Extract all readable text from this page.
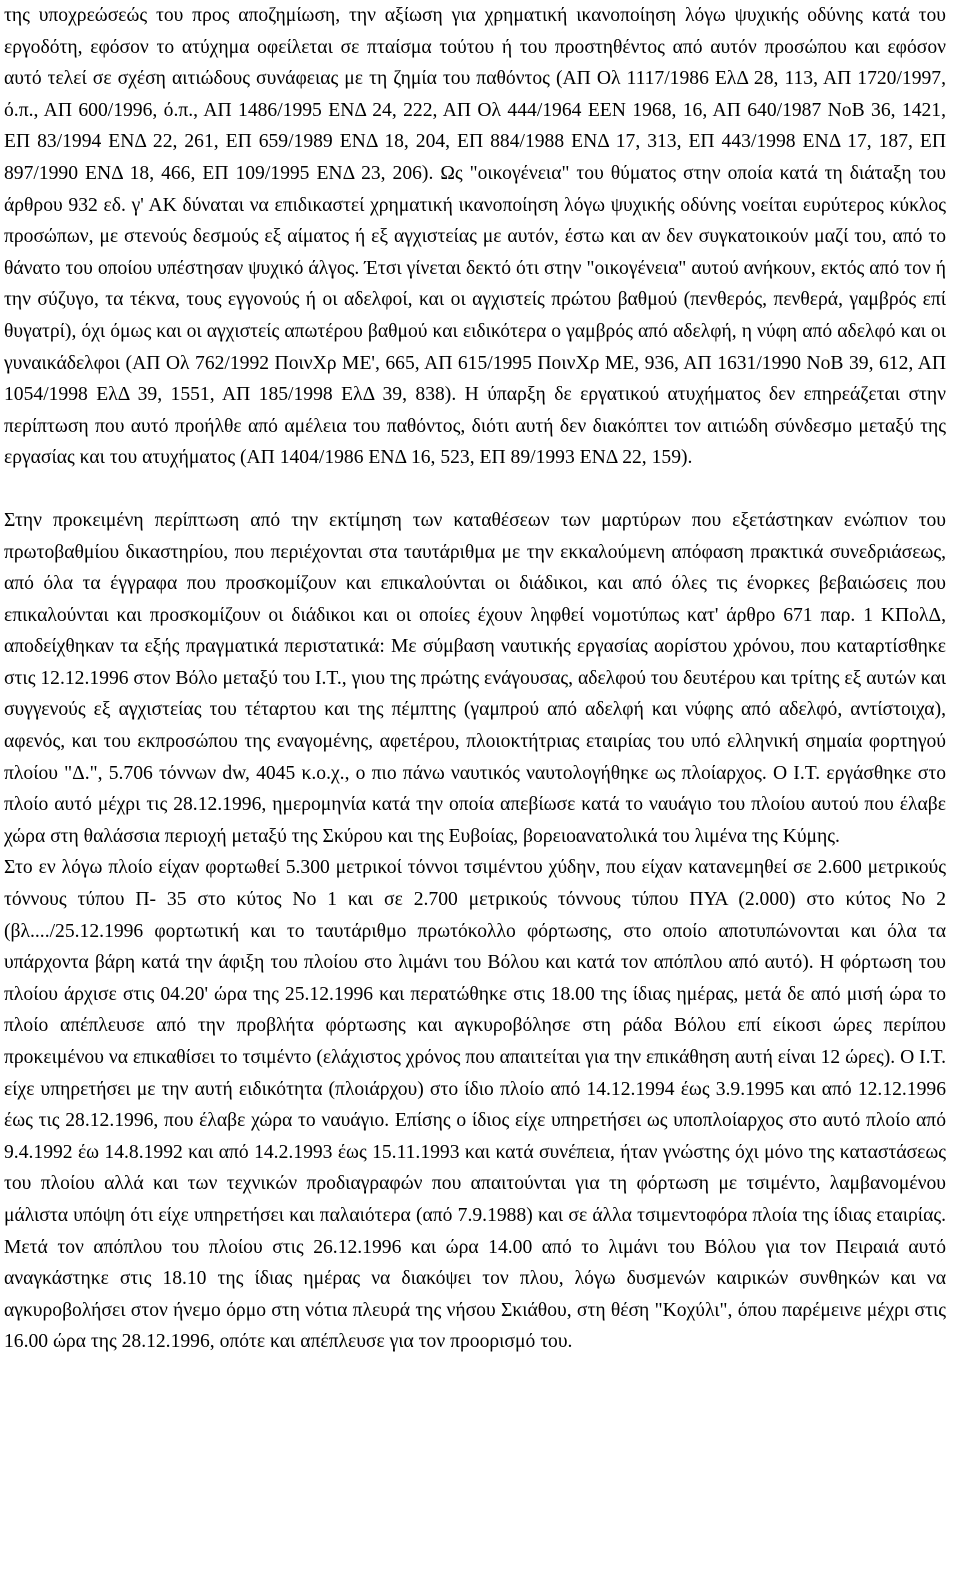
της υποχρεώσεώς του προς αποζημίωση, την αξίωση για χρηματική ικανοποίηση λόγω ψυχικής οδύνης κατά του εργοδότη, εφόσον το ατύχημα οφείλεται σε πταίσμα τούτου ή του προστηθέντος από αυτόν προσώπου και εφόσον αυτό τελεί σε σχέση αιτιώδους συνάφειας με τη ζημία του παθόντος (ΑΠ Ολ 1117/1986 ΕλΔ 28, 113, ΑΠ 1720/1997, ό.π., ΑΠ 600/1996, ό.π., ΑΠ 1486/1995 ΕΝΔ 24, 222, ΑΠ Ολ 444/1964 ΕΕΝ 1968, 16, ΑΠ 640/1987 ΝοΒ 36, 1421, ΕΠ 83/1994 ΕΝΔ 22, 261, ΕΠ 659/1989 ΕΝΔ 18, 204, ΕΠ 884/1988 ΕΝΔ 17, 313, ΕΠ 443/1998 ΕΝΔ 17, 187, ΕΠ 897/1990 ΕΝΔ 18, 466, ΕΠ 109/1995 ΕΝΔ 23, 206). Ως "οικογένεια" του θύματος στην οποία κατά τη διάταξη του άρθρου 932 εδ. γ' ΑΚ δύναται να επιδικαστεί χρηματική ικανοποίηση λόγω ψυχικής οδύνης νοείται ευρύτερος κύκλος προσώπων, με στενούς δεσμούς εξ αίματος ή εξ αγχιστείας με αυτόν, έστω και αν δεν συγκατοικούν μαζί του, από το θάνατο του οποίου υπέστησαν ψυχικό άλγος. Έτσι γίνεται δεκτό ότι στην "οικογένεια" αυτού ανήκουν, εκτός από τον ή την σύζυγο, τα τέκνα, τους εγγονούς ή οι αδελφοί, και οι αγχιστείς πρώτου βαθμού (πενθερός, πενθερά, γαμβρός επί θυγατρί), όχι όμως και οι αγχιστείς απωτέρου βαθμού και ειδικότερα ο γαμβρός από αδελφή, η νύφη από αδελφό και οι γυναικάδελφοι (ΑΠ Ολ 762/1992 ΠοινΧρ ΜΕ', 665, ΑΠ 615/1995 ΠοινΧρ ΜΕ, 936, ΑΠ 1631/1990 ΝοΒ 39, 612, ΑΠ 1054/1998 ΕλΔ 39, 1551, ΑΠ 185/1998 ΕλΔ 39, 838). Η ύπαρξη δε εργατικού ατυχήματος δεν επηρεάζεται στην περίπτωση που αυτό προήλθε από αμέλεια του παθόντος, διότι αυτή δεν διακόπτει τον αιτιώδη σύνδεσμο μεταξύ της εργασίας και του ατυχήματος (ΑΠ 1404/1986 ΕΝΔ 16, 523, ΕΠ 89/1993 ΕΝΔ 22, 159).

Στην προκειμένη περίπτωση από την εκτίμηση των καταθέσεων των μαρτύρων που εξετάστηκαν ενώπιον του πρωτοβαθμίου δικαστηρίου, που περιέχονται στα ταυτάριθμα με την εκκαλούμενη απόφαση πρακτικά συνεδριάσεως, από όλα τα έγγραφα που προσκομίζουν και επικαλούνται οι διάδικοι, και από όλες τις ένορκες βεβαιώσεις που επικαλούνται και προσκομίζουν οι διάδικοι και οι οποίες έχουν ληφθεί νομοτύπως κατ' άρθρο 671 παρ. 1 ΚΠολΔ, αποδείχθηκαν τα εξής πραγματικά περιστατικά: Με σύμβαση ναυτικής εργασίας αορίστου χρόνου, που καταρτίσθηκε στις 12.12.1996 στον Βόλο μεταξύ του Ι.Τ., γιου της πρώτης ενάγουσας, αδελφού του δευτέρου και τρίτης εξ αυτών και συγγενούς εξ αγχιστείας του τέταρτου και της πέμπτης (γαμπρού από αδελφή και νύφης από αδελφό, αντίστοιχα), αφενός, και του εκπροσώπου της εναγομένης, αφετέρου, πλοιοκτήτριας εταιρίας του υπό ελληνική σημαία φορτηγού πλοίου "Δ.", 5.706 τόννων dw, 4045 κ.ο.χ., ο πιο πάνω ναυτικός ναυτολογήθηκε ως πλοίαρχος. Ο Ι.Τ. εργάσθηκε στο πλοίο αυτό μέχρι τις 28.12.1996, ημερομηνία κατά την οποία απεβίωσε κατά το ναυάγιο του πλοίου αυτού που έλαβε χώρα στη θαλάσσια περιοχή μεταξύ της Σκύρου και της Ευβοίας, βορειοανατολικά του λιμένα της Κύμης.

Στο εν λόγω πλοίο είχαν φορτωθεί 5.300 μετρικοί τόννοι τσιμέντου χύδην, που είχαν κατανεμηθεί σε 2.600 μετρικούς τόννους τύπου Π- 35 στο κύτος Νο 1 και σε 2.700 μετρικούς τόννους τύπου ΠΥΑ (2.000) στο κύτος Νο 2 (βλ..../25.12.1996 φορτωτική και το ταυτάριθμο πρωτόκολλο φόρτωσης, στο οποίο αποτυπώνονται και όλα τα υπάρχοντα βάρη κατά την άφιξη του πλοίου στο λιμάνι του Βόλου και κατά τον απόπλου από αυτό). Η φόρτωση του πλοίου άρχισε στις 04.20' ώρα της 25.12.1996 και περατώθηκε στις 18.00 της ίδιας ημέρας, μετά δε από μισή ώρα το πλοίο απέπλευσε από την προβλήτα φόρτωσης και αγκυροβόλησε στη ράδα Βόλου επί είκοσι ώρες περίπου προκειμένου να επικαθίσει το τσιμέντο (ελάχιστος χρόνος που απαιτείται για την επικάθηση αυτή είναι 12 ώρες). Ο Ι.Τ. είχε υπηρετήσει με την αυτή ειδικότητα (πλοιάρχου) στο ίδιο πλοίο από 14.12.1994 έως 3.9.1995 και από 12.12.1996 έως τις 28.12.1996, που έλαβε χώρα το ναυάγιο. Επίσης ο ίδιος είχε υπηρετήσει ως υποπλοίαρχος στο αυτό πλοίο από 9.4.1992 έω 14.8.1992 και από 14.2.1993 έως 15.11.1993 και κατά συνέπεια, ήταν γνώστης όχι μόνο της καταστάσεως του πλοίου αλλά και των τεχνικών προδιαγραφών που απαιτούνται για τη φόρτωση με τσιμέντο, λαμβανομένου μάλιστα υπόψη ότι είχε υπηρετήσει και παλαιότερα (από 7.9.1988) και σε άλλα τσιμεντοφόρα πλοία της ίδιας εταιρίας. Μετά τον απόπλου του πλοίου στις 26.12.1996 και ώρα 14.00 από το λιμάνι του Βόλου για τον Πειραιά αυτό αναγκάστηκε στις 18.10 της ίδιας ημέρας να διακόψει τον πλου, λόγω δυσμενών καιρικών συνθηκών και να αγκυροβολήσει στον ήνεμο όρμο στη νότια πλευρά της νήσου Σκιάθου, στη θέση "Κοχύλι", όπου παρέμεινε μέχρι στις 16.00 ώρα της 28.12.1996, οπότε και απέπλευσε για τον προορισμό του.
